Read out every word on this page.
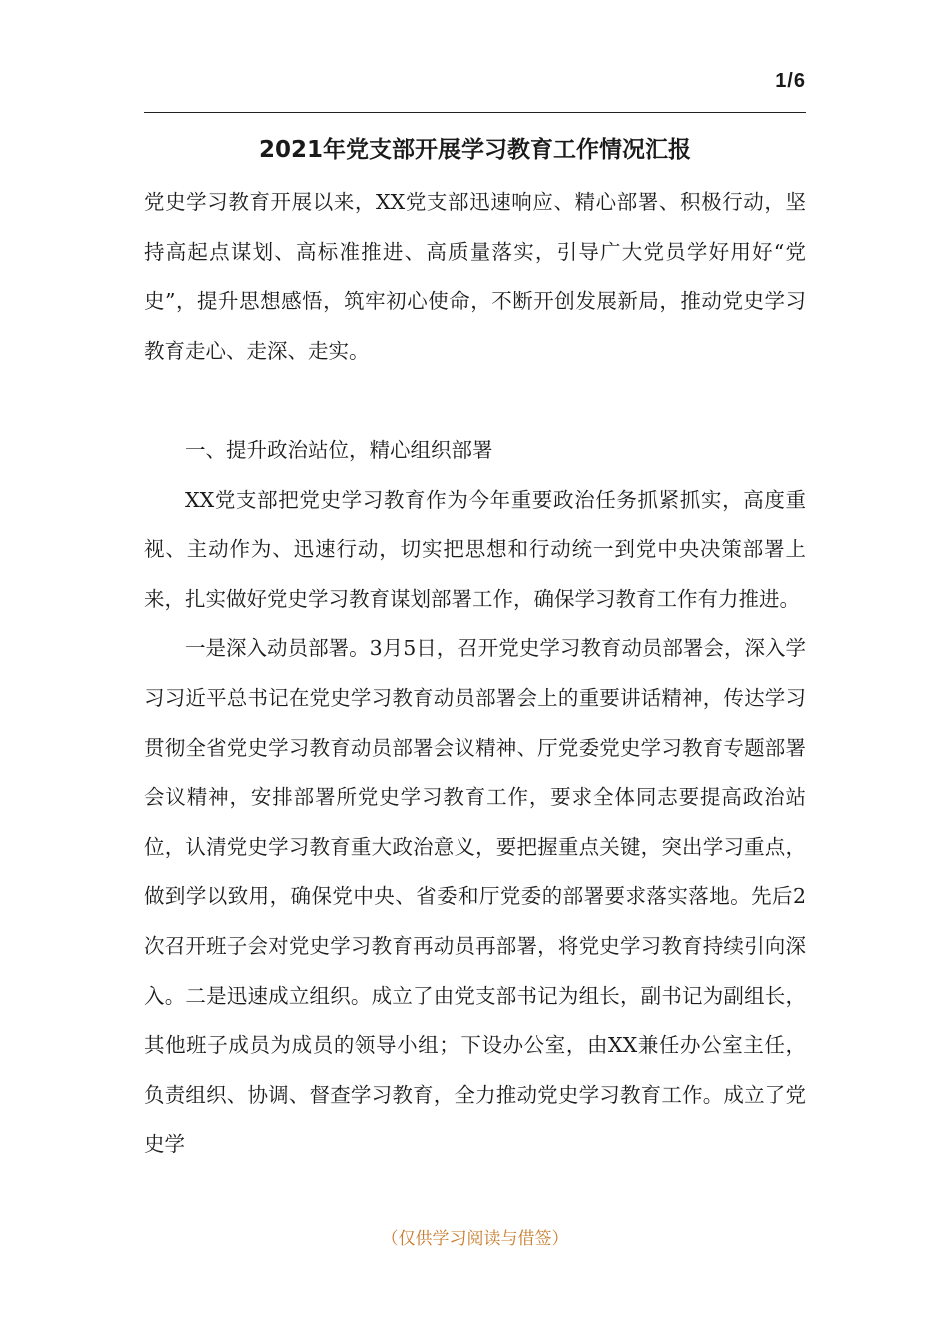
1/6
2021年党支部开展学习教育工作情况汇报

党史学习教育开展以来，XX党支部迅速响应、精心部署、积极行动，坚持高起点谋划、高标准推进、高质量落实，引导广大党员学好用好“党史”，提升思想感悟，筑牢初心使命，不断开创发展新局，推动党史学习教育走心、走深、走实。

一、提升政治站位，精心组织部署

XX党支部把党史学习教育作为今年重要政治任务抓紧抓实，高度重视、主动作为、迅速行动，切实把思想和行动统一到党中央决策部署上来，扎实做好党史学习教育谋划部署工作，确保学习教育工作有力推进。

一是深入动员部署。3月5日，召开党史学习教育动员部署会，深入学习习近平总书记在党史学习教育动员部署会上的重要讲话精神，传达学习贯彻全省党史学习教育动员部署会议精神、厅党委党史学习教育专题部署会议精神，安排部署所党史学习教育工作，要求全体同志要提高政治站位，认清党史学习教育重大政治意义，要把握重点关键，突出学习重点，做到学以致用，确保党中央、省委和厅党委的部署要求落实落地。先后2次召开班子会对党史学习教育再动员再部署，将党史学习教育持续引向深入。二是迅速成立组织。成立了由党支部书记为组长，副书记为副组长，其他班子成员为成员的领导小组；下设办公室，由XX兼任办公室主任，负责组织、协调、督查学习教育，全力推动党史学习教育工作。成立了党史学

（仅供学习阅读与借签）
